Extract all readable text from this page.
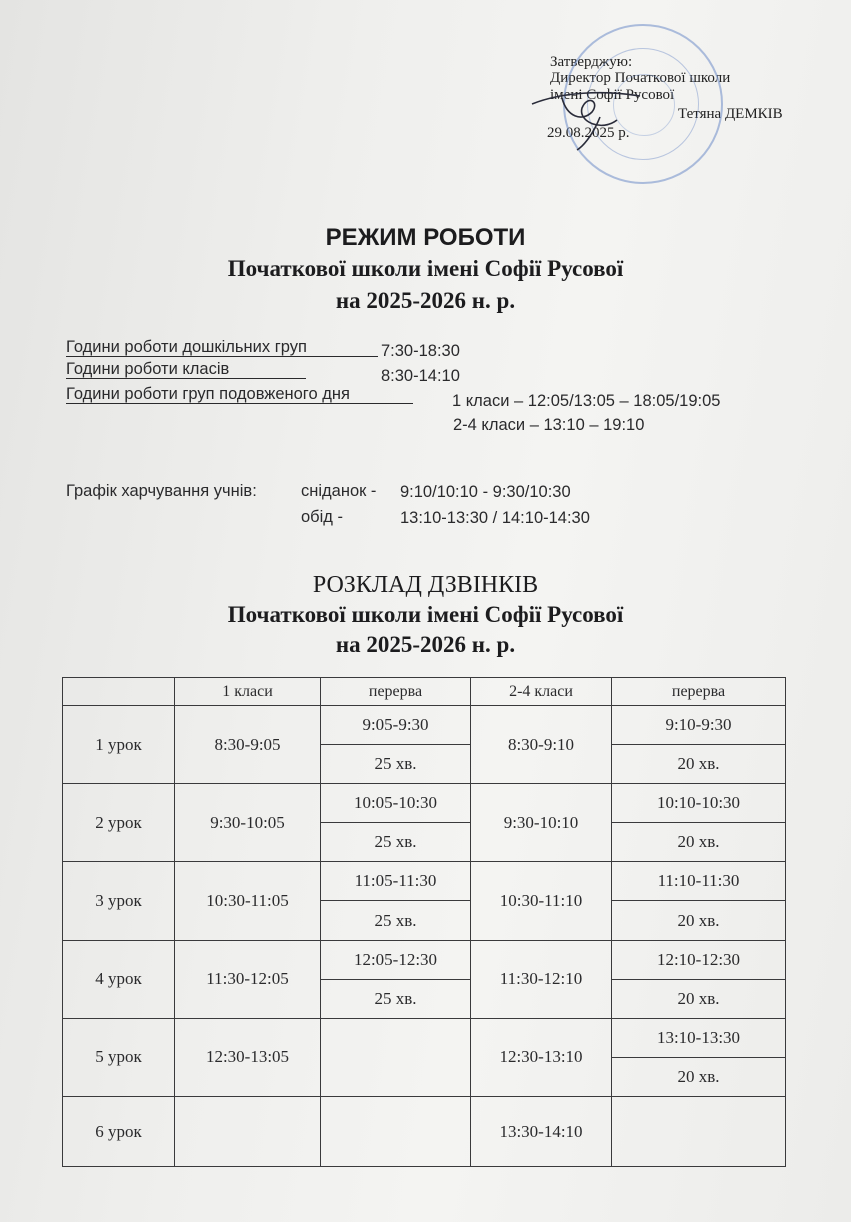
Затверджую:
Директор Початкової школи
імені Софії Русової
Тетяна ДЕМКІВ
29.08.2025 р.
РЕЖИМ РОБОТИ
Початкової школи імені Софії Русової
на 2025-2026 н. р.
Години роботи дошкільних груп	7:30-18:30
Години роботи класів	8:30-14:10
Години роботи груп подовженого дня	1 класи – 12:05/13:05 – 18:05/19:05
2-4 класи – 13:10 – 19:10
Графік харчування учнів:	сніданок - 9:10/10:10 - 9:30/10:30
обід -	13:10-13:30 / 14:10-14:30
РОЗКЛАД ДЗВІНКІВ
Початкової школи імені Софії Русової
на 2025-2026 н. р.
	1 класи	перерва	2-4 класи	перерва
1 урок	8:30-9:05	9:05-9:30	8:30-9:10	9:10-9:30
		25 хв.		20 хв.
2 урок	9:30-10:05	10:05-10:30	9:30-10:10	10:10-10:30
		25 хв.		20 хв.
3 урок	10:30-11:05	11:05-11:30	10:30-11:10	11:10-11:30
		25 хв.		20 хв.
4 урок	11:30-12:05	12:05-12:30	11:30-12:10	12:10-12:30
		25 хв.		20 хв.
5 урок	12:30-13:05		12:30-13:10	13:10-13:30
				20 хв.
6 урок			13:30-14:10	
